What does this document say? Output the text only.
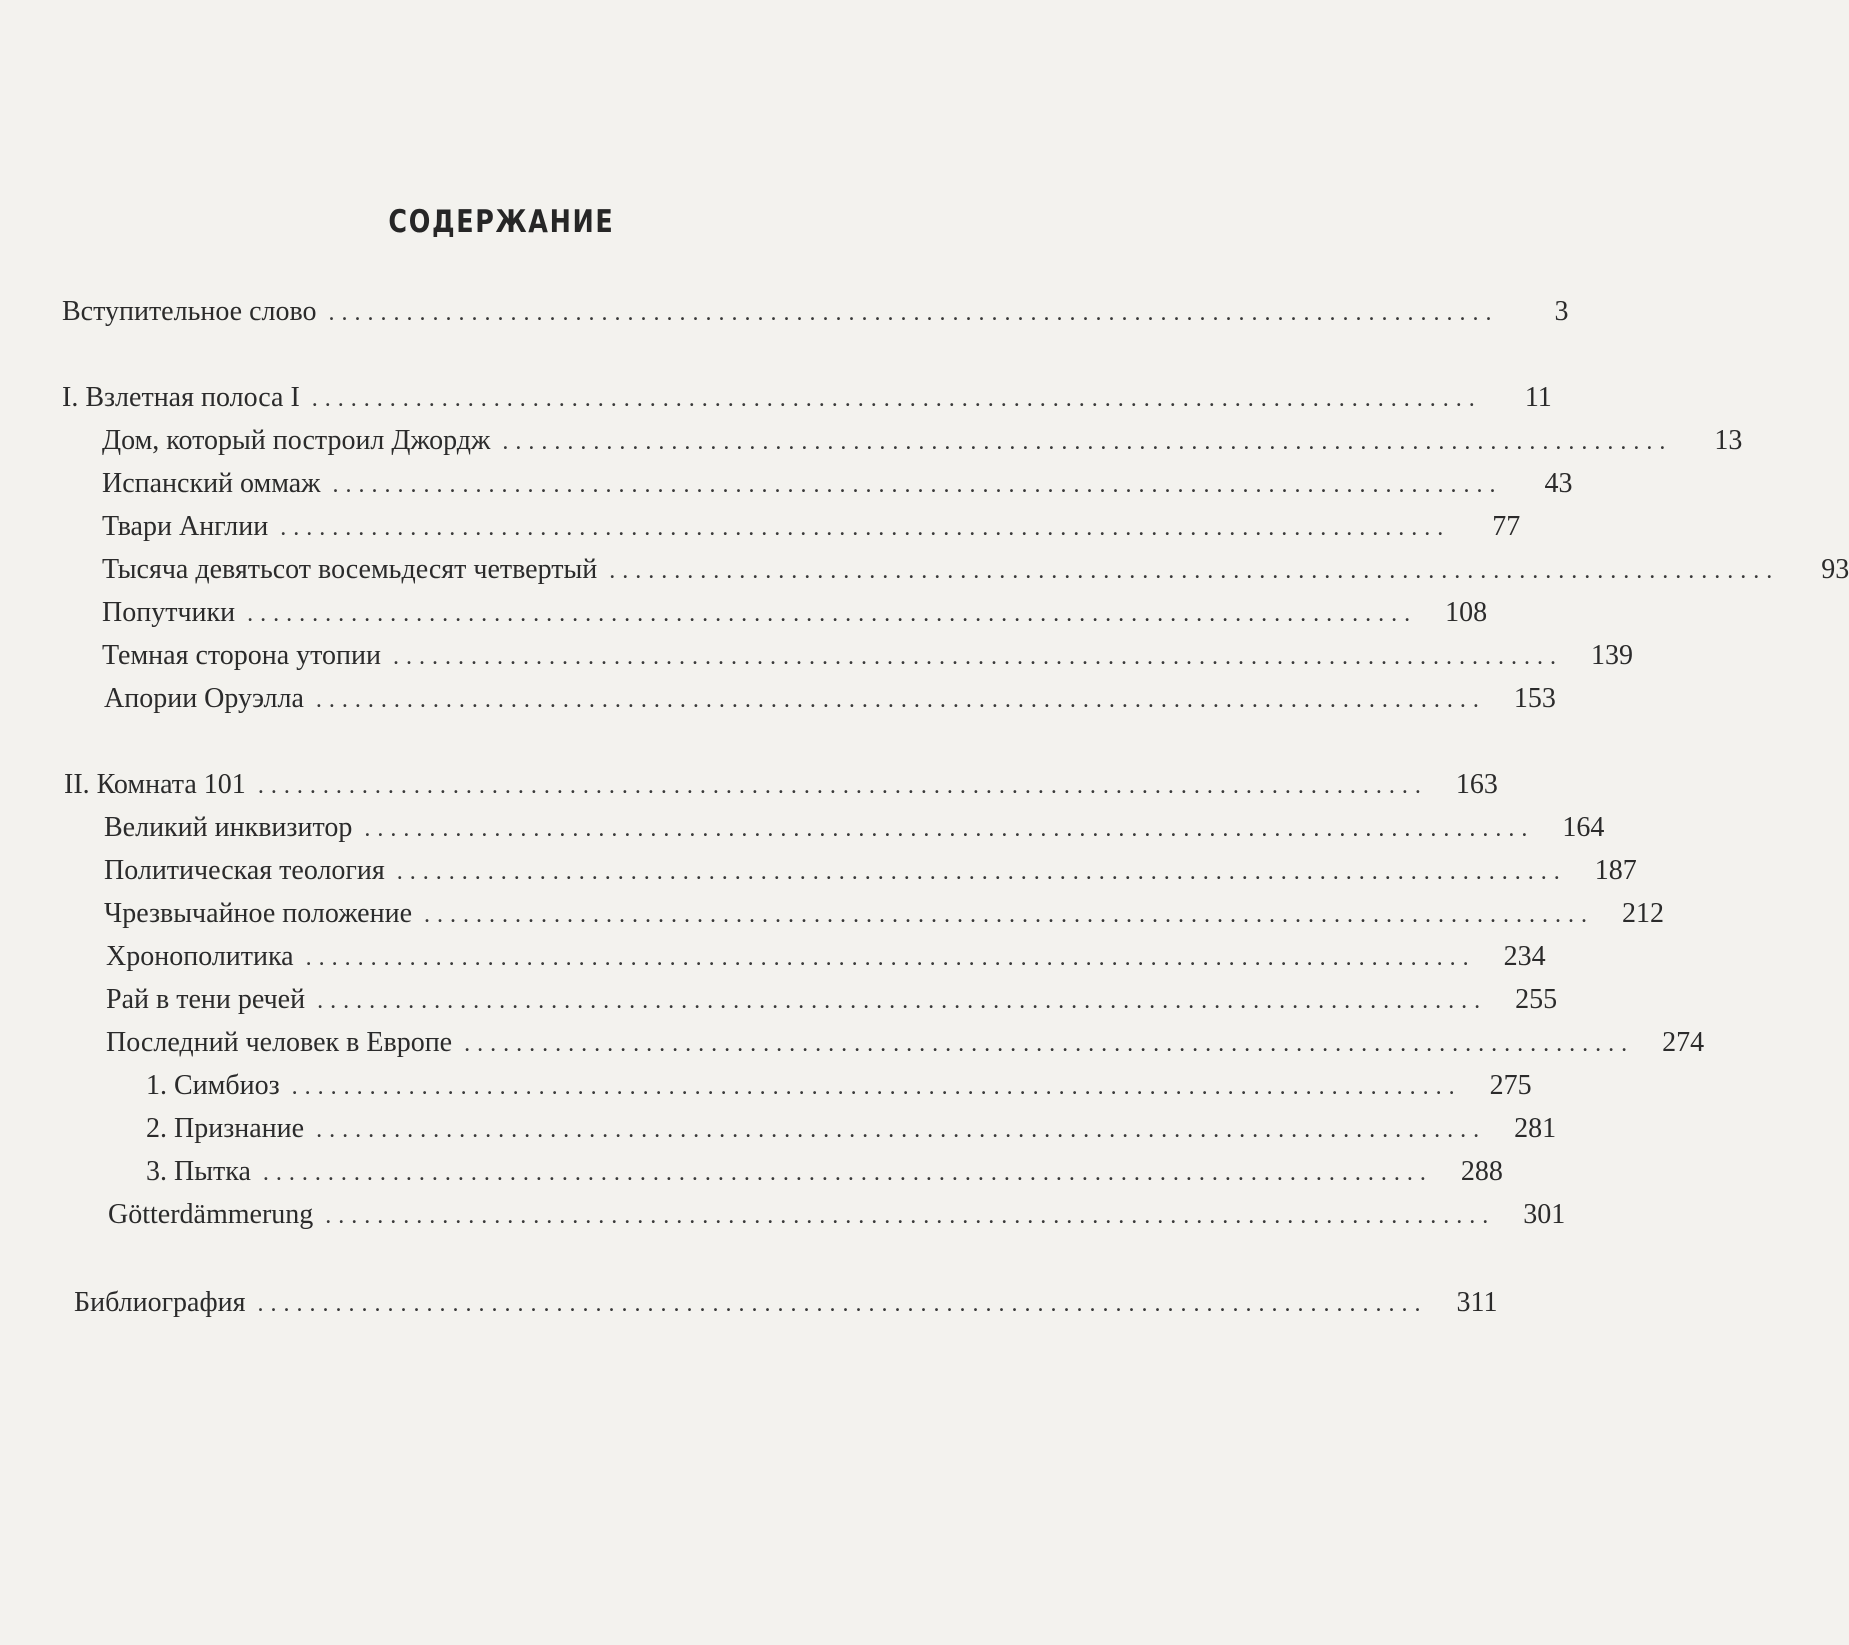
СОДЕРЖАНИЕ
Вступительное слово ..........................................................................................	3
I. Взлетная полоса I ..........................................................................................	11
Дом, который построил Джордж ..........................................................................................	13
Испанский оммаж ..........................................................................................	43
Твари Англии ..........................................................................................	77
Тысяча девятьсот восемьдесят четвертый ..........................................................................................	93
Попутчики ..........................................................................................	108
Темная сторона утопии ..........................................................................................	139
Апории Оруэлла ..........................................................................................	153
II. Комната 101 ..........................................................................................	163
Великий инквизитор ..........................................................................................	164
Политическая теология ..........................................................................................	187
Чрезвычайное положение ..........................................................................................	212
Хронополитика ..........................................................................................	234
Рай в тени речей ..........................................................................................	255
Последний человек в Европе ..........................................................................................	274
1. Симбиоз ..........................................................................................	275
2. Признание ..........................................................................................	281
3. Пытка ..........................................................................................	288
Götterdämmerung ..........................................................................................	301
Библиография ..........................................................................................	311
